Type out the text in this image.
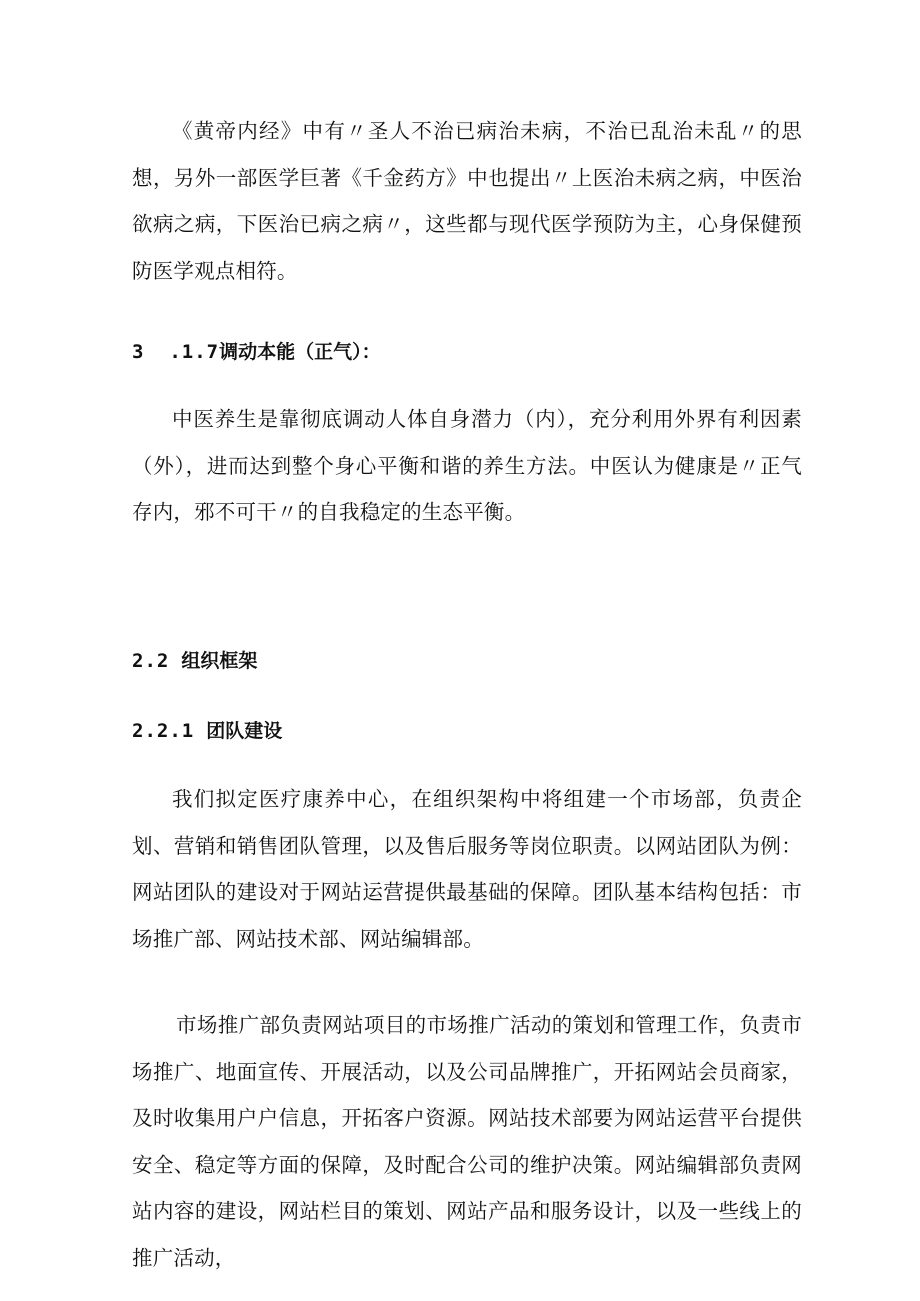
《黄帝内经》中有〃圣人不治已病治未病，不治已乱治未乱〃的思想，另外一部医学巨著《千金药方》中也提出〃上医治未病之病，中医治欲病之病，下医治已病之病〃，这些都与现代医学预防为主，心身保健预防医学观点相符。

3  .1.7调动本能（正气）：

中医养生是靠彻底调动人体自身潜力（内），充分利用外界有利因素（外），进而达到整个身心平衡和谐的养生方法。中医认为健康是〃正气存内，邪不可干〃的自我稳定的生态平衡。

2.2 组织框架
2.2.1 团队建设

我们拟定医疗康养中心，在组织架构中将组建一个市场部，负责企划、营销和销售团队管理，以及售后服务等岗位职责。以网站团队为例：网站团队的建设对于网站运营提供最基础的保障。团队基本结构包括：市场推广部、网站技术部、网站编辑部。

市场推广部负责网站项目的市场推广活动的策划和管理工作，负责市场推广、地面宣传、开展活动，以及公司品牌推广，开拓网站会员商家，及时收集用户户信息，开拓客户资源。网站技术部要为网站运营平台提供安全、稳定等方面的保障，及时配合公司的维护决策。网站编辑部负责网站内容的建设，网站栏目的策划、网站产品和服务设计，以及一些线上的推广活动，
